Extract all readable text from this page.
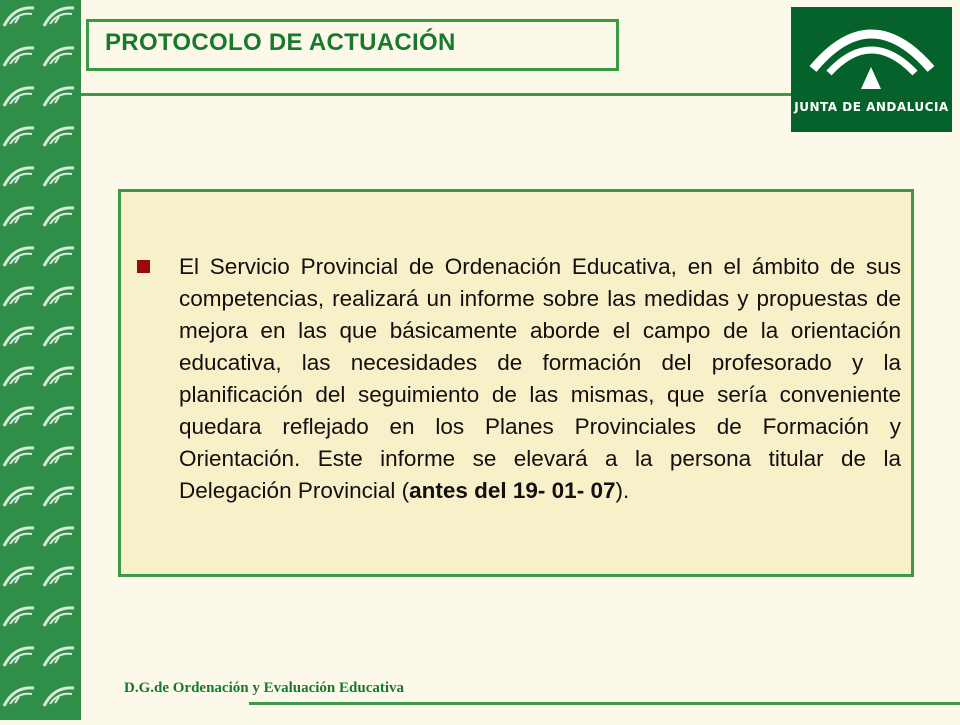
PROTOCOLO DE ACTUACIÓN
JUNTA DE ANDALUCIA
El Servicio Provincial de Ordenación Educativa, en el ámbito de sus competencias, realizará un informe sobre las medidas y propuestas de mejora en las que básicamente aborde el campo de la orientación educativa, las necesidades de formación del profesorado y la planificación del seguimiento de las mismas, que sería conveniente quedara reflejado en los Planes Provinciales de Formación y Orientación. Este informe se elevará a la persona titular de la Delegación Provincial (antes del 19- 01- 07).
D.G.de Ordenación y Evaluación Educativa
